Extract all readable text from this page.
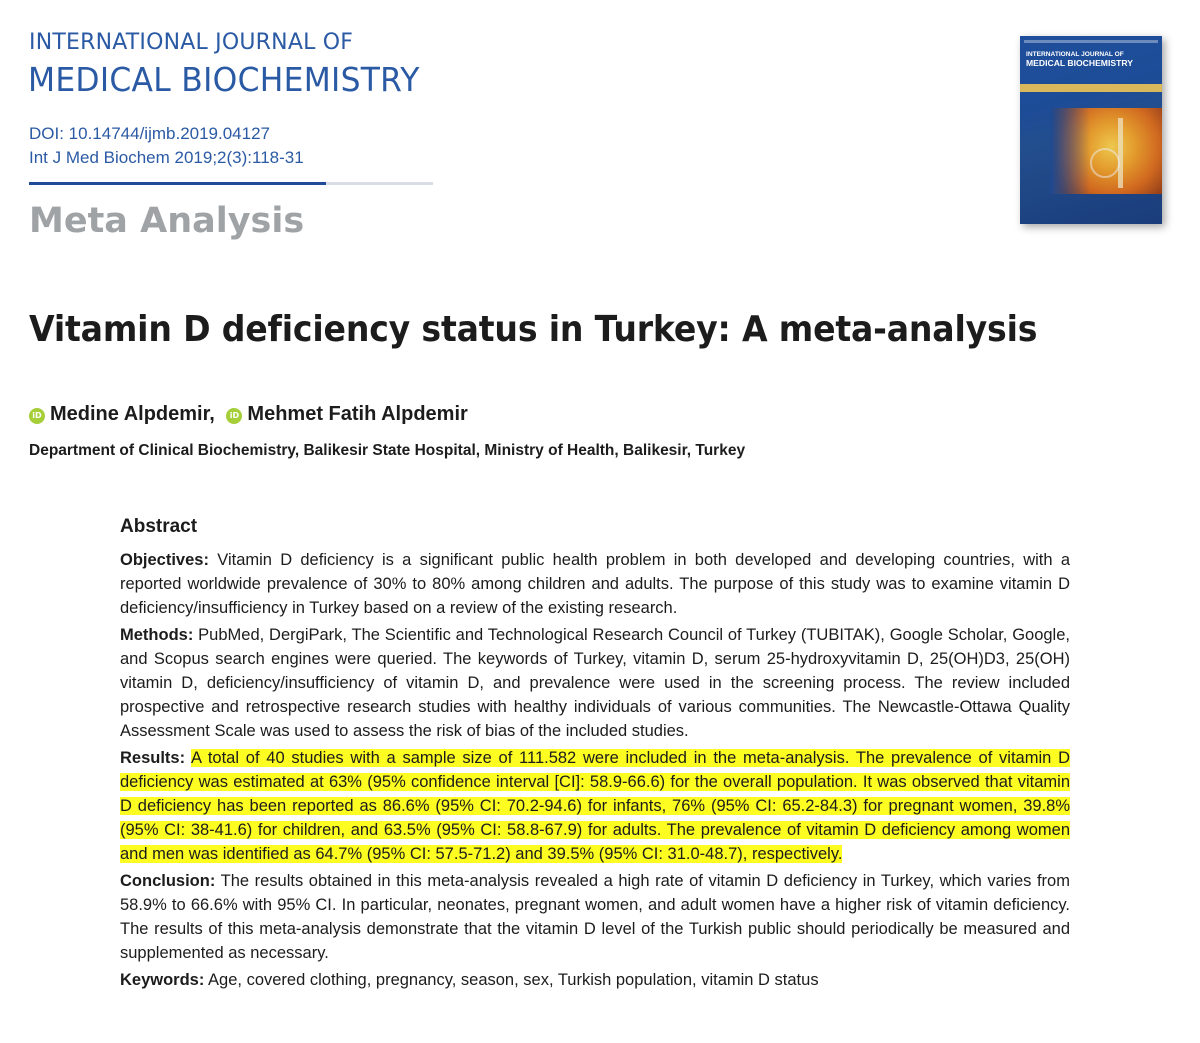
INTERNATIONAL JOURNAL OF
MEDICAL BIOCHEMISTRY
DOI: 10.14744/ijmb.2019.04127
Int J Med Biochem 2019;2(3):118-31
Meta Analysis
INTERNATIONAL JOURNAL OF
MEDICAL BIOCHEMISTRY
Vitamin D deficiency status in Turkey: A meta-analysis
iD Medine Alpdemir, iD Mehmet Fatih Alpdemir
Department of Clinical Biochemistry, Balikesir State Hospital, Ministry of Health, Balikesir, Turkey
Abstract

Objectives: Vitamin D deficiency is a significant public health problem in both developed and developing countries, with a reported worldwide prevalence of 30% to 80% among children and adults. The purpose of this study was to examine vitamin D deficiency/insufficiency in Turkey based on a review of the existing research.

Methods: PubMed, DergiPark, The Scientific and Technological Research Council of Turkey (TUBITAK), Google Scholar, Google, and Scopus search engines were queried. The keywords of Turkey, vitamin D, serum 25-hydroxyvitamin D, 25(OH)D3, 25(OH) vitamin D, deficiency/insufficiency of vitamin D, and prevalence were used in the screening process. The review included prospective and retrospective research studies with healthy individuals of various communities. The Newcastle-Ottawa Quality Assessment Scale was used to assess the risk of bias of the included studies.

Results: A total of 40 studies with a sample size of 111.582 were included in the meta-analysis. The prevalence of vitamin D deficiency was estimated at 63% (95% confidence interval [CI]: 58.9-66.6) for the overall population. It was observed that vitamin D deficiency has been reported as 86.6% (95% CI: 70.2-94.6) for infants, 76% (95% CI: 65.2-84.3) for pregnant women, 39.8% (95% CI: 38-41.6) for children, and 63.5% (95% CI: 58.8-67.9) for adults. The prevalence of vitamin D deficiency among women and men was identified as 64.7% (95% CI: 57.5-71.2) and 39.5% (95% CI: 31.0-48.7), respectively.

Conclusion: The results obtained in this meta-analysis revealed a high rate of vitamin D deficiency in Turkey, which varies from 58.9% to 66.6% with 95% CI. In particular, neonates, pregnant women, and adult women have a higher risk of vitamin deficiency. The results of this meta-analysis demonstrate that the vitamin D level of the Turkish public should periodically be measured and supplemented as necessary.

Keywords: Age, covered clothing, pregnancy, season, sex, Turkish population, vitamin D status
